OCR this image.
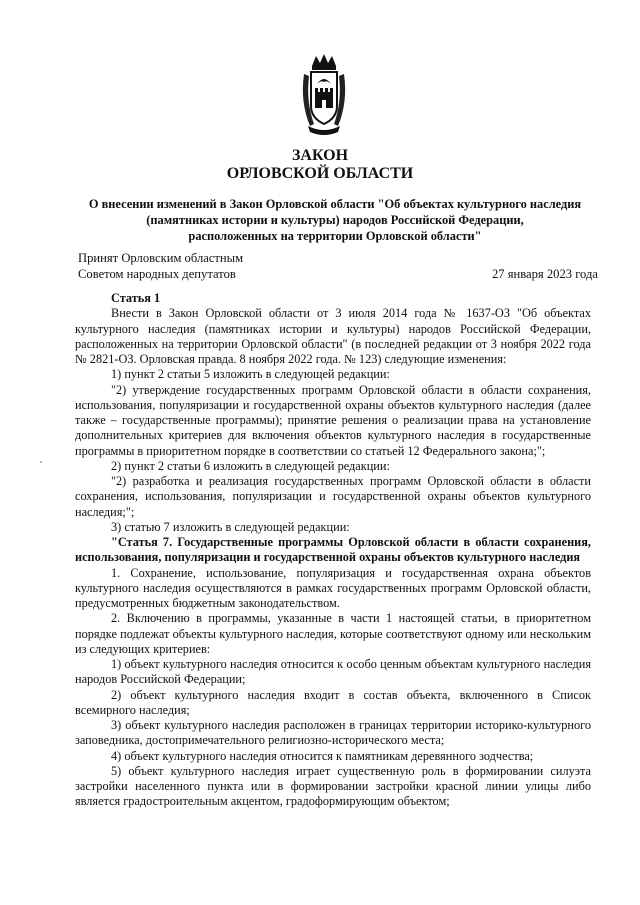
ЗАКОН
ОРЛОВСКОЙ ОБЛАСТИ
О внесении изменений в Закон Орловской области "Об объектах культурного наследия
(памятниках истории и культуры) народов Российской Федерации,
расположенных на территории Орловской области"
Принят Орловским областным
Советом народных депутатов	27 января 2023 года

Статья 1

Внести в Закон Орловской области от 3 июля 2014 года № 1637-ОЗ "Об объектах культурного наследия (памятниках истории и культуры) народов Российской Федерации, расположенных на территории Орловской области" (в последней редакции от 3 ноября 2022 года № 2821-ОЗ. Орловская правда. 8 ноября 2022 года. № 123) следующие изменения:

1) пункт 2 статьи 5 изложить в следующей редакции:

"2) утверждение государственных программ Орловской области в области сохранения, использования, популяризации и государственной охраны объектов культурного наследия (далее также – государственные программы); принятие решения о реализации права на установление дополнительных критериев для включения объектов культурного наследия в государственные программы в приоритетном порядке в соответствии со статьей 12 Федерального закона;";

2) пункт 2 статьи 6 изложить в следующей редакции:

"2) разработка и реализация государственных программ Орловской области в области сохранения, использования, популяризации и государственной охраны объектов культурного наследия;";

3) статью 7 изложить в следующей редакции:

"Статья 7. Государственные программы Орловской области в области сохранения, использования, популяризации и государственной охраны объектов культурного наследия

1. Сохранение, использование, популяризация и государственная охрана объектов культурного наследия осуществляются в рамках государственных программ Орловской области, предусмотренных бюджетным законодательством.

2. Включению в программы, указанные в части 1 настоящей статьи, в приоритетном порядке подлежат объекты культурного наследия, которые соответствуют одному или нескольким из следующих критериев:

1) объект культурного наследия относится к особо ценным объектам культурного наследия народов Российской Федерации;

2) объект культурного наследия входит в состав объекта, включенного в Список всемирного наследия;

3) объект культурного наследия расположен в границах территории историко-культурного заповедника, достопримечательного религиозно-исторического места;

4) объект культурного наследия относится к памятникам деревянного зодчества;

5) объект культурного наследия играет существенную роль в формировании силуэта застройки населенного пункта или в формировании застройки красной линии улицы либо является градостроительным акцентом, градоформирующим объектом;
